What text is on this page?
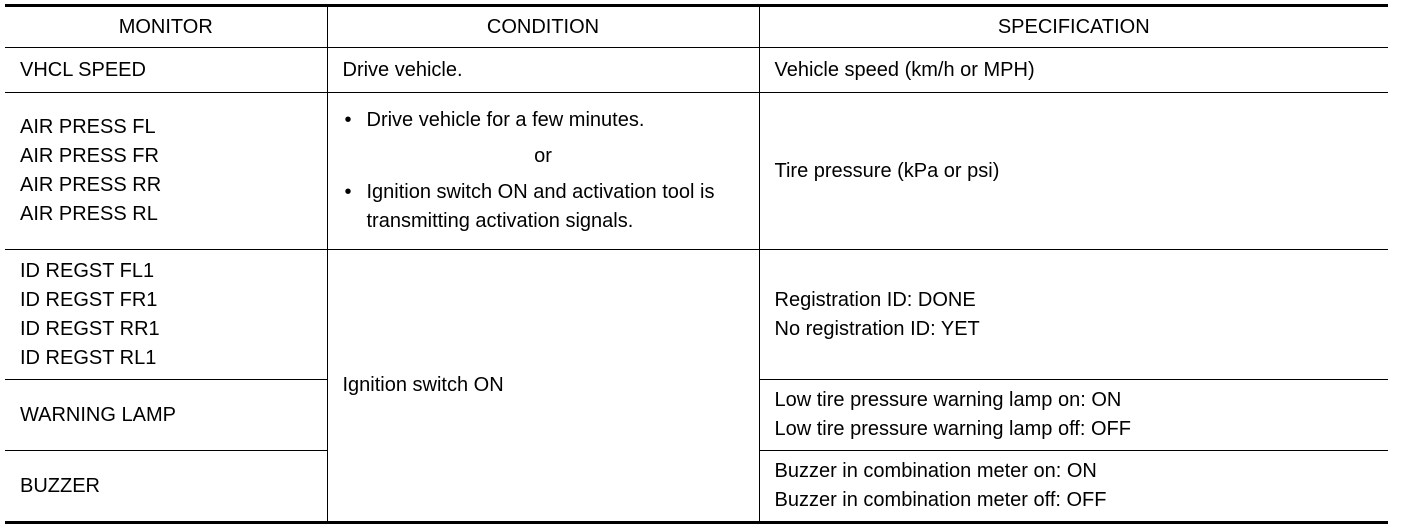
MONITOR	CONDITION	SPECIFICATION
VHCL SPEED	Drive vehicle.	Vehicle speed (km/h or MPH)

AIR PRESS FL
AIR PRESS FR
AIR PRESS RR
AIR PRESS RL	• Drive vehicle for a few minutes.
or
• Ignition switch ON and activation tool is transmitting activation signals.	Tire pressure (kPa or psi)

ID REGST FL1
ID REGST FR1
ID REGST RR1
ID REGST RL1	Ignition switch ON	Registration ID: DONE
No registration ID: YET

WARNING LAMP		Low tire pressure warning lamp on: ON
Low tire pressure warning lamp off: OFF

BUZZER		Buzzer in combination meter on: ON
Buzzer in combination meter off: OFF
